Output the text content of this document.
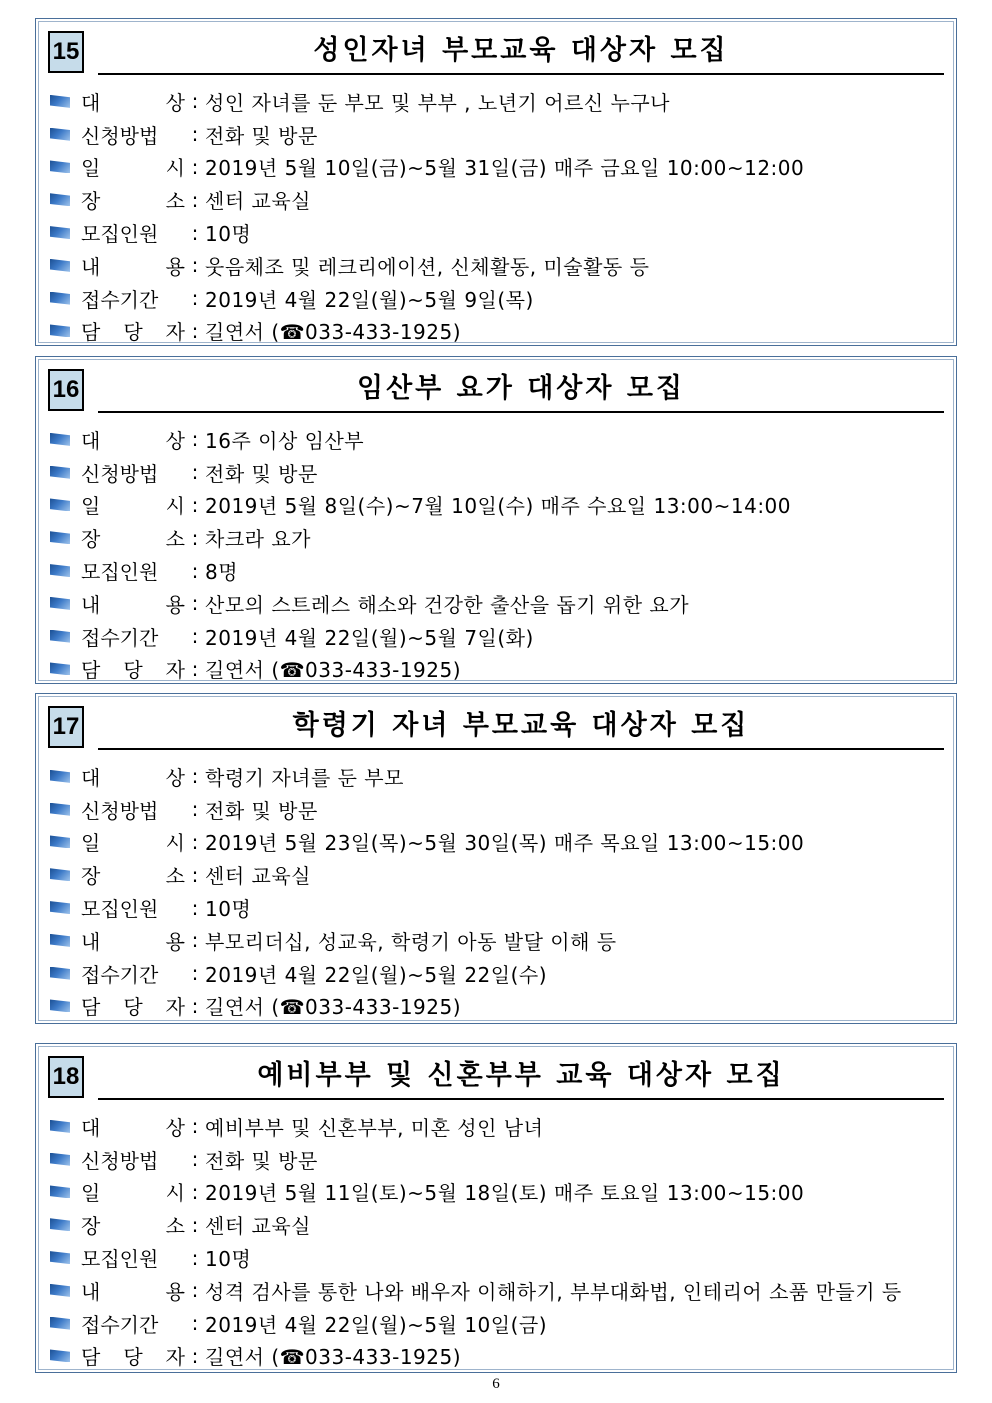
15	성인자녀 부모교육 대상자 모집
대	상 : 성인 자녀를 둔 부모 및 부부 , 노년기 어르신 누구나
신청방법	: 전화 및 방문
일	시 : 2019년 5월 10일(금)~5월 31일(금) 매주 금요일 10:00~12:00
장	소 : 센터 교육실
모집인원	: 10명
내	용 : 웃음체조 및 레크리에이션, 신체활동, 미술활동 등
접수기간	: 2019년 4월 22일(월)~5월 9일(목)
담 당 자 : 길연서 (☎033-433-1925)
16	임산부 요가 대상자 모집
대	상 : 16주 이상 임산부
신청방법	: 전화 및 방문
일	시 : 2019년 5월 8일(수)~7월 10일(수) 매주 수요일 13:00~14:00
장	소 : 차크라 요가
모집인원	: 8명
내	용 : 산모의 스트레스 해소와 건강한 출산을 돕기 위한 요가
접수기간	: 2019년 4월 22일(월)~5월 7일(화)
담 당 자 : 길연서 (☎033-433-1925)
17	학령기 자녀 부모교육 대상자 모집
대	상 : 학령기 자녀를 둔 부모
신청방법	: 전화 및 방문
일	시 : 2019년 5월 23일(목)~5월 30일(목) 매주 목요일 13:00~15:00
장	소 : 센터 교육실
모집인원	: 10명
내	용 : 부모리더십, 성교육, 학령기 아동 발달 이해 등
접수기간	: 2019년 4월 22일(월)~5월 22일(수)
담 당 자 : 길연서 (☎033-433-1925)
18	예비부부 및 신혼부부 교육 대상자 모집
대	상 : 예비부부 및 신혼부부, 미혼 성인 남녀
신청방법	: 전화 및 방문
일	시 : 2019년 5월 11일(토)~5월 18일(토) 매주 토요일 13:00~15:00
장	소 : 센터 교육실
모집인원	: 10명
내	용 : 성격 검사를 통한 나와 배우자 이해하기, 부부대화법, 인테리어 소품 만들기 등
접수기간	: 2019년 4월 22일(월)~5월 10일(금)
담 당 자 : 길연서 (☎033-433-1925)
6
